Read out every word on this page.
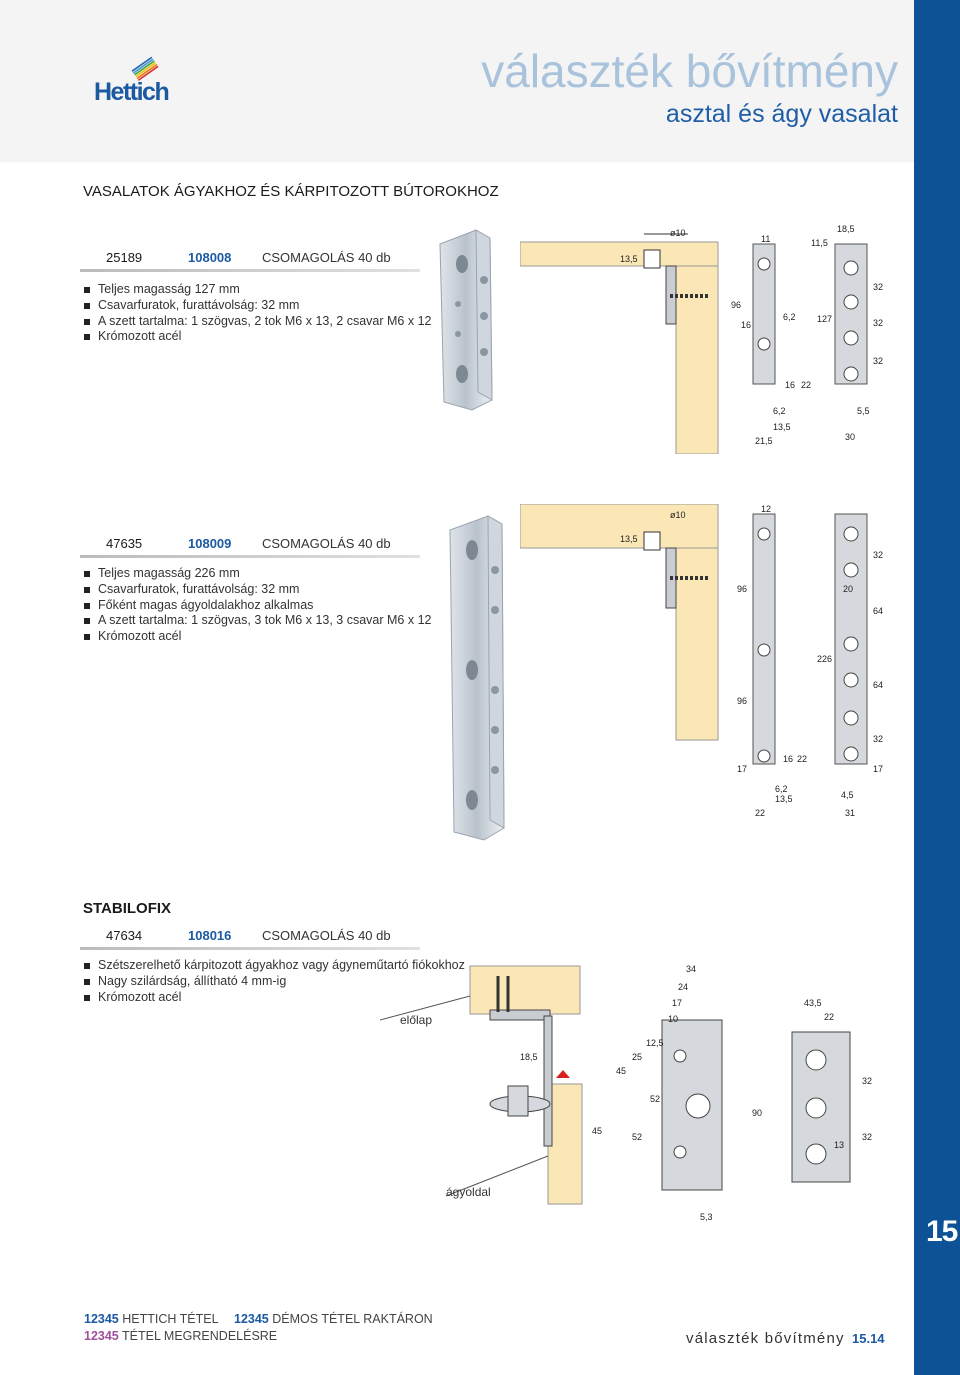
Hettich	választék bővítmény
asztal és ágy vasalat
VASALATOK ÁGYAKHOZ ÉS KÁRPITOZOTT BÚTOROKHOZ
25189	108008 CSOMAGOLÁS 40 db
Teljes magasság 127 mm
Csavarfuratok, furattávolság: 32 mm
A szett tartalma: 1 szögvas, 2 tok M6 x 13, 2 csavar M6 x 12
Krómozott acél
ø10
13,5
11	11,5
18,5
96
16
6,2 127
32
32
32
16 22
6,2	5,5
13,5
21,5	30
47635	108009 CSOMAGOLÁS 40 db
Teljes magasság 226 mm
Csavarfuratok, furattávolság: 32 mm
Főként magas ágyoldalakhoz alkalmas
A szett tartalma: 1 szögvas, 3 tok M6 x 13, 3 csavar M6 x 12
Krómozott acél
ø10
13,5
12
32
96	20
64
226
64
96
32
17
16 22
17
6,2
13,5	4,5
22	31
STABILOFIX
47634	108016 CSOMAGOLÁS 40 db
Szétszerelhető kárpitozott ágyakhoz vagy ágyneműtartó fiókokhoz
Nagy szilárdság, állítható 4 mm-ig
Krómozott acél
előlap
ágyoldal
18,5
34
24
17
10
12,5
25
45
52
45
52
5,3
43,5
22
32
90
32
13
15
12345 HETTICH TÉTEL 12345 DÉMOS TÉTEL RAKTÁRON
12345 TÉTEL MEGRENDELÉSRE	választék bővítmény 15.14
